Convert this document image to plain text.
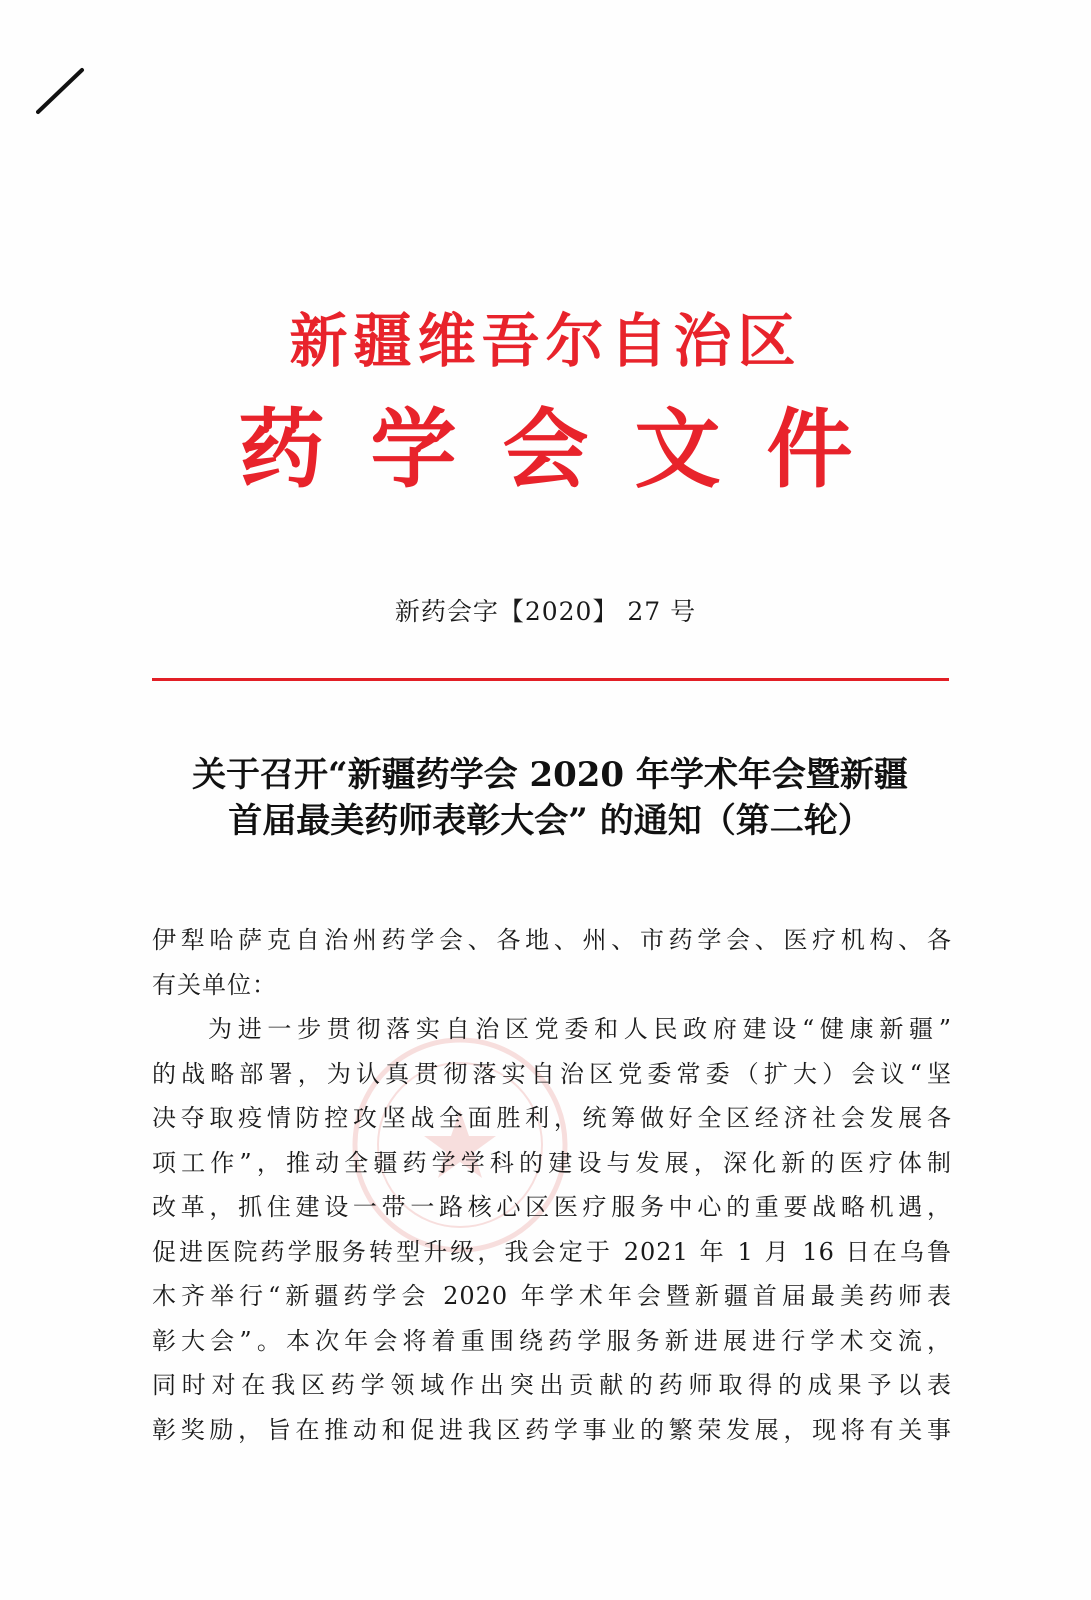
新疆维吾尔自治区
药学会文件
新药会字【2020】 27 号
关于召开“新疆药学会 2020 年学术年会暨新疆
首届最美药师表彰大会” 的通知（第二轮）
伊犁哈萨克自治州药学会、各地、州、市药学会、医疗机构、各
有关单位：
为进一步贯彻落实自治区党委和人民政府建设“健康新疆”
的战略部署，为认真贯彻落实自治区党委常委（扩大）会议“坚
决夺取疫情防控攻坚战全面胜利，统筹做好全区经济社会发展各
项工作”，推动全疆药学学科的建设与发展，深化新的医疗体制
改革，抓住建设一带一路核心区医疗服务中心的重要战略机遇，
促进医院药学服务转型升级，我会定于 2021 年 1 月 16 日在乌鲁
木齐举行“新疆药学会 2020 年学术年会暨新疆首届最美药师表
彰大会”。本次年会将着重围绕药学服务新进展进行学术交流，
同时对在我区药学领域作出突出贡献的药师取得的成果予以表
彰奖励，旨在推动和促进我区药学事业的繁荣发展，现将有关事
